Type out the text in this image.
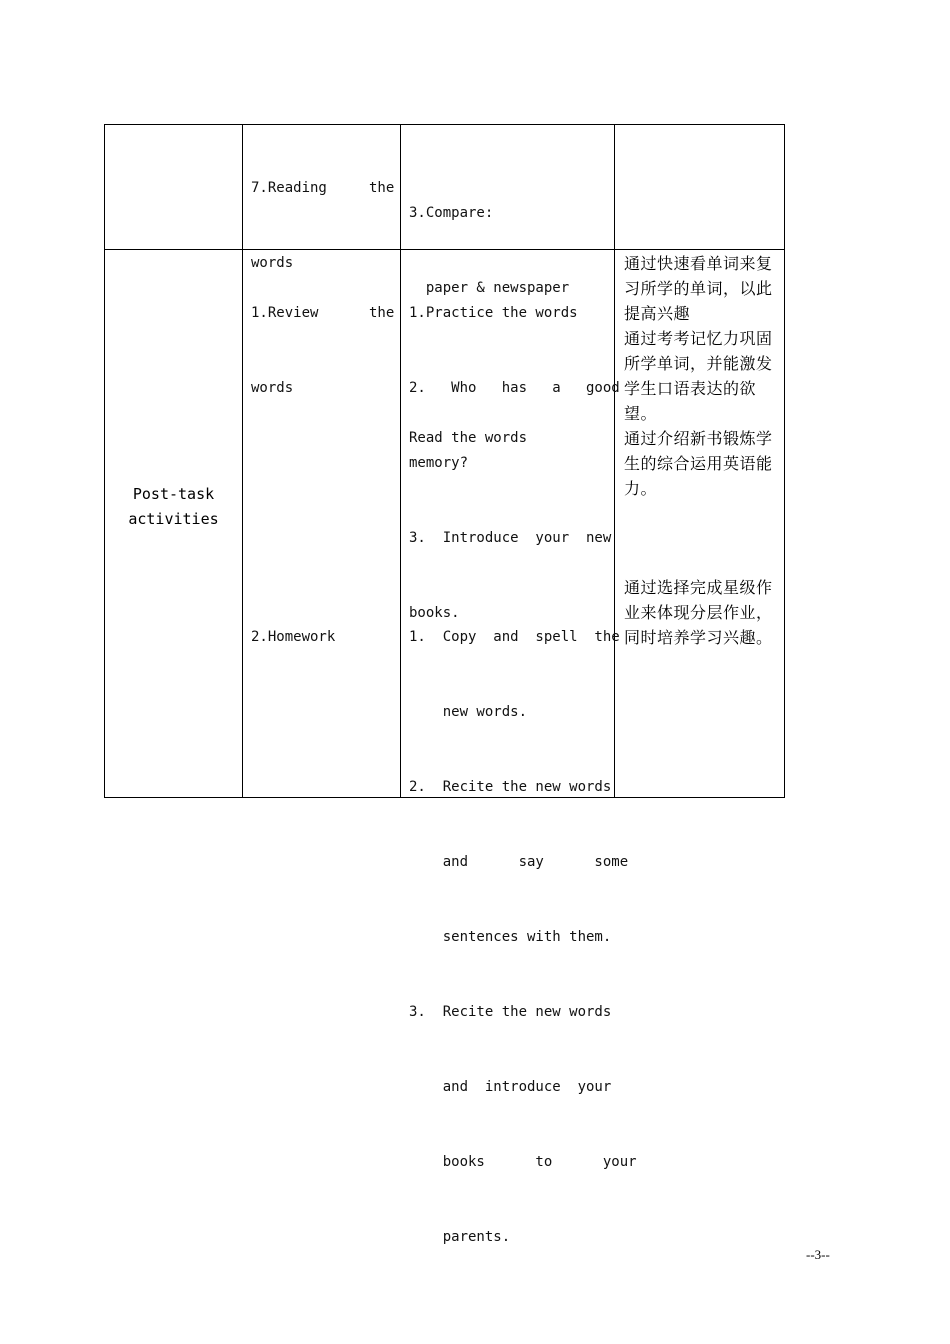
7.Reading     the

words

3.Compare:

paper & newspaper

Read the words

Post-task
activities

1.Review      the

words

1.Practice the words

2.   Who   has   a   good

memory?

3.  Introduce  your  new

books.

通过快速看单词来复
习所学的单词，以此
提高兴趣
通过考考记忆力巩固
所学单词，并能激发
学生口语表达的欲
望。
通过介绍新书锻炼学
生的综合运用英语能
力。

2.Homework

	1.  Copy  and  spell  the

new words.

2.  Recite the new words

and      say      some

sentences with them.

3.  Recite the new words

and  introduce  your

books      to      your

parents.

通过选择完成星级作
业来体现分层作业，
同时培养学习兴趣。
--3--
